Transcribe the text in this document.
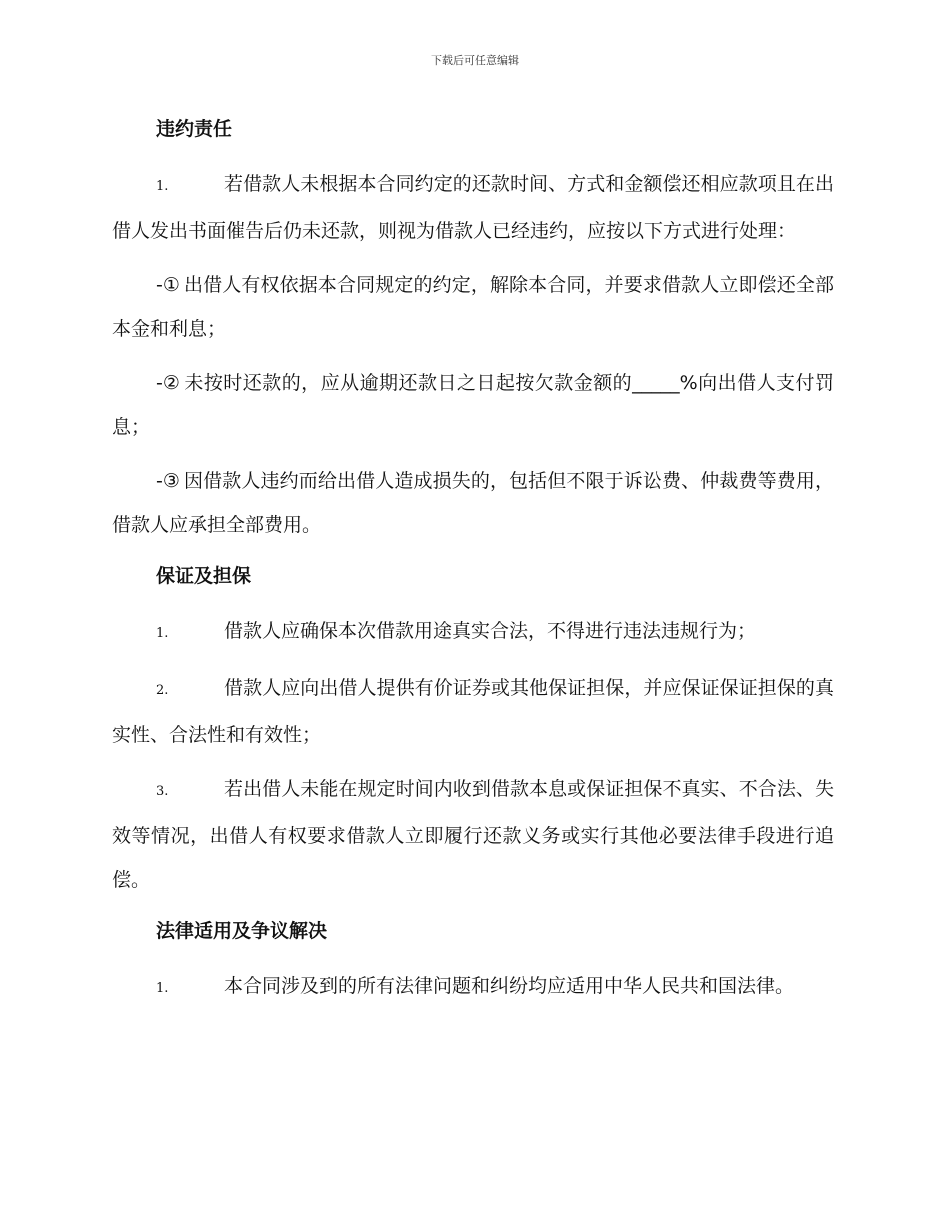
下载后可任意编辑
违约责任

1.	若借款人未根据本合同约定的还款时间、方式和金额偿还相应款项且在出借人发出书面催告后仍未还款，则视为借款人已经违约，应按以下方式进行处理：

-① 出借人有权依据本合同规定的约定，解除本合同，并要求借款人立即偿还全部本金和利息；

-② 未按时还款的，应从逾期还款日之日起按欠款金额的_____%向出借人支付罚息；

-③ 因借款人违约而给出借人造成损失的，包括但不限于诉讼费、仲裁费等费用，借款人应承担全部费用。

保证及担保

1.	借款人应确保本次借款用途真实合法，不得进行违法违规行为；

2.	借款人应向出借人提供有价证券或其他保证担保，并应保证保证担保的真实性、合法性和有效性；

3.	若出借人未能在规定时间内收到借款本息或保证担保不真实、不合法、失效等情况，出借人有权要求借款人立即履行还款义务或实行其他必要法律手段进行追偿。

法律适用及争议解决

1.	本合同涉及到的所有法律问题和纠纷均应适用中华人民共和国法律。
